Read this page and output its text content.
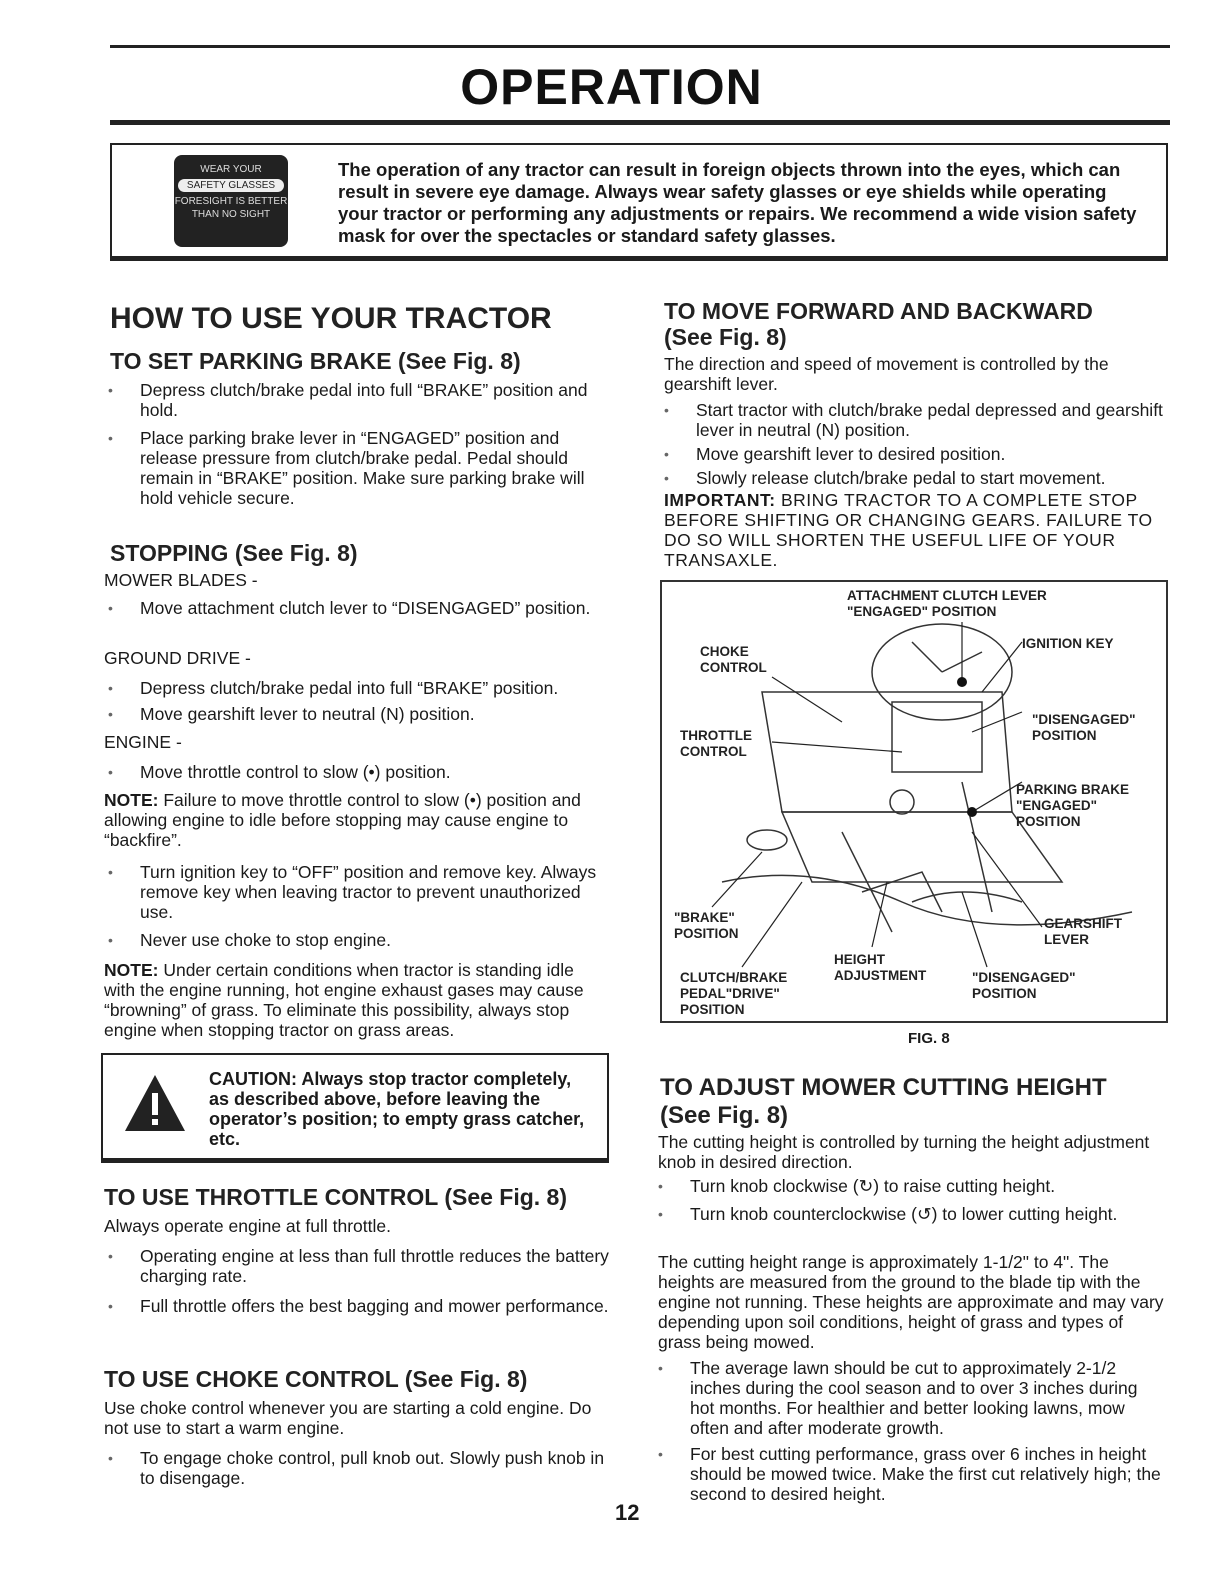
OPERATION
WEAR YOUR
SAFETY GLASSES
FORESIGHT IS BETTER
THAN NO SIGHT
The operation of any tractor can result in foreign objects thrown into the eyes, which can result in severe eye damage. Always wear safety glasses or eye shields while operating your tractor or performing any adjustments or repairs. We recommend a wide vision safety mask for over the spectacles or standard safety glasses.
HOW TO USE YOUR TRACTOR
TO SET PARKING BRAKE (See Fig. 8)
• Depress clutch/brake pedal into full “BRAKE” position and hold.
• Place parking brake lever in “ENGAGED” position and release pressure from clutch/brake pedal. Pedal should remain in “BRAKE” position. Make sure parking brake will hold vehicle secure.
STOPPING (See Fig. 8)
MOWER BLADES -
• Move attachment clutch lever to “DISENGAGED” position.
GROUND DRIVE -
• Depress clutch/brake pedal into full “BRAKE” position.
• Move gearshift lever to neutral (N) position.
ENGINE -
• Move throttle control to slow (•) position.
NOTE: Failure to move throttle control to slow (•) position and allowing engine to idle before stopping may cause engine to “backfire”.
• Turn ignition key to “OFF” position and remove key. Always remove key when leaving tractor to prevent unauthorized use.
• Never use choke to stop engine.
NOTE: Under certain conditions when tractor is standing idle with the engine running, hot engine exhaust gases may cause “browning” of grass. To eliminate this possibility, always stop engine when stopping tractor on grass areas.
CAUTION: Always stop tractor completely, as described above, before leaving the operator’s position; to empty grass catcher, etc.
TO USE THROTTLE CONTROL (See Fig. 8)
Always operate engine at full throttle.
• Operating engine at less than full throttle reduces the battery charging rate.
• Full throttle offers the best bagging and mower performance.
TO USE CHOKE CONTROL (See Fig. 8)
Use choke control whenever you are starting a cold engine. Do not use to start a warm engine.
• To engage choke control, pull knob out. Slowly push knob in to disengage.
TO MOVE FORWARD AND BACKWARD (See Fig. 8)
The direction and speed of movement is controlled by the gearshift lever.
• Start tractor with clutch/brake pedal depressed and gearshift lever in neutral (N) position.
• Move gearshift lever to desired position.
• Slowly release clutch/brake pedal to start movement.
IMPORTANT: BRING TRACTOR TO A COMPLETE STOP BEFORE SHIFTING OR CHANGING GEARS. FAILURE TO DO SO WILL SHORTEN THE USEFUL LIFE OF YOUR TRANSAXLE.
ATTACHMENT CLUTCH LEVER "ENGAGED" POSITION
IGNITION KEY
CHOKE CONTROL
"DISENGAGED" POSITION
THROTTLE CONTROL
PARKING BRAKE "ENGAGED" POSITION
"BRAKE" POSITION
GEARSHIFT LEVER
HEIGHT ADJUSTMENT
CLUTCH/BRAKE PEDAL"DRIVE" POSITION
"DISENGAGED" POSITION
FIG. 8
TO ADJUST MOWER CUTTING HEIGHT (See Fig. 8)
The cutting height is controlled by turning the height adjustment knob in desired direction.
• Turn knob clockwise (↻) to raise cutting height.
• Turn knob counterclockwise (↺) to lower cutting height.
The cutting height range is approximately 1-1/2" to 4". The heights are measured from the ground to the blade tip with the engine not running. These heights are approximate and may vary depending upon soil conditions, height of grass and types of grass being mowed.
• The average lawn should be cut to approximately 2-1/2 inches during the cool season and to over 3 inches during hot months. For healthier and better looking lawns, mow often and after moderate growth.
• For best cutting performance, grass over 6 inches in height should be mowed twice. Make the first cut relatively high; the second to desired height.
12
